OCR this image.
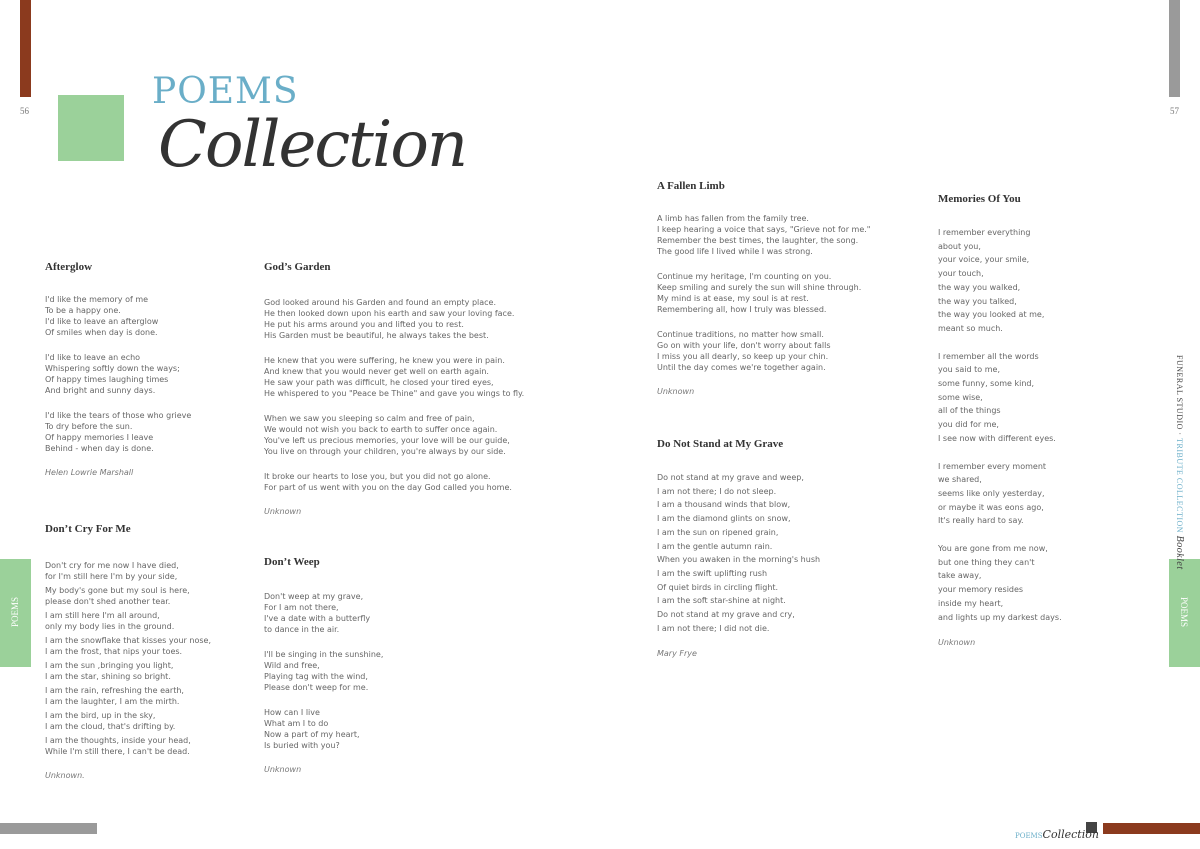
56	57
POEMS
Collection
POEMS	POEMS
FUNERAL STUDIO · TRIBUTE COLLECTION Booklet
POEMSCollection
Afterglow

I'd like the memory of me
To be a happy one.
I'd like to leave an afterglow
Of smiles when day is done.

I'd like to leave an echo
Whispering softly down the ways;
Of happy times laughing times
And bright and sunny days.

I'd like the tears of those who grieve
To dry before the sun.
Of happy memories I leave
Behind - when day is done.

Helen Lowrie Marshall

Don’t Cry For Me

Don't cry for me now I have died,
for I'm still here I'm by your side,

My body's gone but my soul is here,
please don't shed another tear.

I am still here I'm all around,
only my body lies in the ground.

I am the snowflake that kisses your nose,
I am the frost, that nips your toes.

I am the sun ,bringing you light,
I am the star, shining so bright.

I am the rain, refreshing the earth,
I am the laughter, I am the mirth.

I am the bird, up in the sky,
I am the cloud, that's drifting by.

I am the thoughts, inside your head,
While I'm still there, I can't be dead.

Unknown.

God’s Garden

God looked around his Garden and found an empty place.
He then looked down upon his earth and saw your loving face.
He put his arms around you and lifted you to rest.
His Garden must be beautiful, he always takes the best.

He knew that you were suffering, he knew you were in pain.
And knew that you would never get well on earth again.
He saw your path was difficult, he closed your tired eyes,
He whispered to you "Peace be Thine" and gave you wings to fly.

When we saw you sleeping so calm and free of pain,
We would not wish you back to earth to suffer once again.
You've left us precious memories, your love will be our guide,
You live on through your children, you're always by our side.

It broke our hearts to lose you, but you did not go alone.
For part of us went with you on the day God called you home.

Unknown

Don’t Weep

Don't weep at my grave,
For I am not there,
I've a date with a butterfly
to dance in the air.

I'll be singing in the sunshine,
Wild and free,
Playing tag with the wind,
Please don't weep for me.

How can I live
What am I to do
Now a part of my heart,
Is buried with you?

Unknown

A Fallen Limb

A limb has fallen from the family tree.
I keep hearing a voice that says, "Grieve not for me."
Remember the best times, the laughter, the song.
The good life I lived while I was strong.

Continue my heritage, I'm counting on you.
Keep smiling and surely the sun will shine through.
My mind is at ease, my soul is at rest.
Remembering all, how I truly was blessed.

Continue traditions, no matter how small.
Go on with your life, don't worry about falls
I miss you all dearly, so keep up your chin.
Until the day comes we're together again.

Unknown

Do Not Stand at My Grave

Do not stand at my grave and weep,
I am not there; I do not sleep.
I am a thousand winds that blow,
I am the diamond glints on snow,
I am the sun on ripened grain,
I am the gentle autumn rain.
When you awaken in the morning's hush
I am the swift uplifting rush
Of quiet birds in circling flight.
I am the soft star-shine at night.
Do not stand at my grave and cry,
I am not there; I did not die.

Mary Frye

Memories Of You

I remember everything
about you,
your voice, your smile,
your touch,
the way you walked,
the way you talked,
the way you looked at me,
meant so much.

I remember all the words
you said to me,
some funny, some kind,
some wise,
all of the things
you did for me,
I see now with different eyes.

I remember every moment
we shared,
seems like only yesterday,
or maybe it was eons ago,
It's really hard to say.

You are gone from me now,
but one thing they can't
take away,
your memory resides
inside my heart,
and lights up my darkest days.

Unknown
